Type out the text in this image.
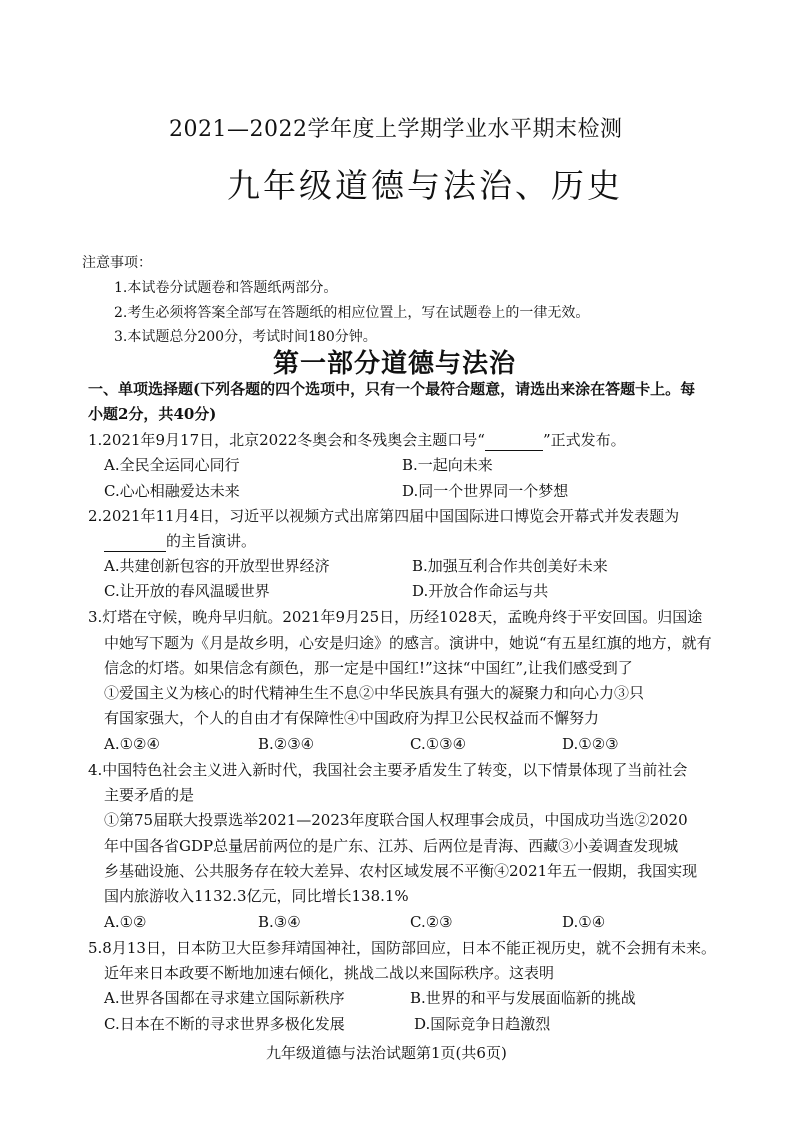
2021—2022学年度上学期学业水平期末检测
九年级道德与法治、历史
注意事项：
1.本试卷分试题卷和答题纸两部分。
2.考生必须将答案全部写在答题纸的相应位置上，写在试题卷上的一律无效。
3.本试题总分200分，考试时间180分钟。
第一部分道德与法治
一、单项选择题(下列各题的四个选项中，只有一个最符合题意，请选出来涂在答题卡上。每
小题2分，共40分)
1.2021年9月17日，北京2022冬奥会和冬残奥会主题口号“	”正式发布。
A.全民全运同心同行	B.一起向未来
C.心心相融爱达未来	D.同一个世界同一个梦想
2.2021年11月4日，习近平以视频方式出席第四届中国国际进口博览会开幕式并发表题为
的主旨演讲。
A.共建创新包容的开放型世界经济	B.加强互利合作共创美好未来
C.让开放的春风温暖世界	D.开放合作命运与共
3.灯塔在守候，晚舟早归航。2021年9月25日，历经1028天，孟晚舟终于平安回国。归国途
中她写下题为《月是故乡明，心安是归途》的感言。演讲中，她说“有五星红旗的地方，就有
信念的灯塔。如果信念有颜色，那一定是中国红!”这抹“中国红”,让我们感受到了
①爱国主义为核心的时代精神生生不息②中华民族具有强大的凝聚力和向心力③只
有国家强大，个人的自由才有保障性④中国政府为捍卫公民权益而不懈努力
A.①②④	B.②③④	C.①③④	D.①②③
4.中国特色社会主义进入新时代，我国社会主要矛盾发生了转变，以下情景体现了当前社会
主要矛盾的是
①第75届联大投票选举2021—2023年度联合国人权理事会成员，中国成功当选②2020
年中国各省GDP总量居前两位的是广东、江苏、后两位是青海、西藏③小姜调查发现城
乡基础设施、公共服务存在较大差异、农村区域发展不平衡④2021年五一假期，我国实现
国内旅游收入1132.3亿元，同比增长138.1%
A.①②	B.③④	C.②③	D.①④
5.8月13日，日本防卫大臣参拜靖国神社，国防部回应，日本不能正视历史，就不会拥有未来。
近年来日本政要不断地加速右倾化，挑战二战以来国际秩序。这表明
A.世界各国都在寻求建立国际新秩序	B.世界的和平与发展面临新的挑战
C.日本在不断的寻求世界多极化发展	D.国际竞争日趋激烈
九年级道德与法治试题第1页(共6页)
